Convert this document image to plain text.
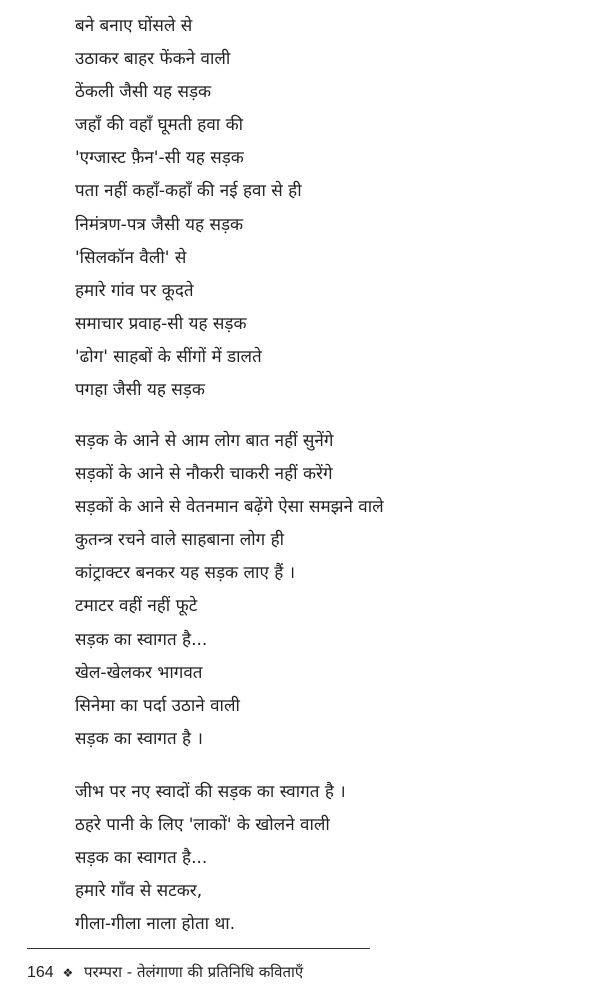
बने बनाए घोंसले से
उठाकर बाहर फेंकने वाली
ठेंकली जैसी यह सड़क
जहाँ की वहाँ घूमती हवा की
'एग्जास्ट फ़ैन'-सी यह सड़क
पता नहीं कहाँ-कहाँ की नई हवा से ही
निमंत्रण-पत्र जैसी यह सड़क
'सिलकॉन वैली' से
हमारे गांव पर कूदते
समाचार प्रवाह-सी यह सड़क
'ढोग' साहबों के सींगों में डालते
पगहा जैसी यह सड़क
सड़क के आने से आम लोग बात नहीं सुनेंगे
सड़कों के आने से नौकरी चाकरी नहीं करेंगे
सड़कों के आने से वेतनमान बढ़ेंगे ऐसा समझने वाले
कुतन्त्र रचने वाले साहबाना लोग ही
कांट्राक्टर बनकर यह सड़क लाए हैं ।
टमाटर वहीं नहीं फूटे
सड़क का स्वागत है...
खेल-खेलकर भागवत
सिनेमा का पर्दा उठाने वाली
सड़क का स्वागत है ।
जीभ पर नए स्वादों की सड़क का स्वागत है ।
ठहरे पानी के लिए 'लाकों' के खोलने वाली
सड़क का स्वागत है...
हमारे गाँव से सटकर,
गीला-गीला नाला होता था.
164 ❖ परम्परा - तेलंगाणा की प्रतिनिधि कविताएँ
